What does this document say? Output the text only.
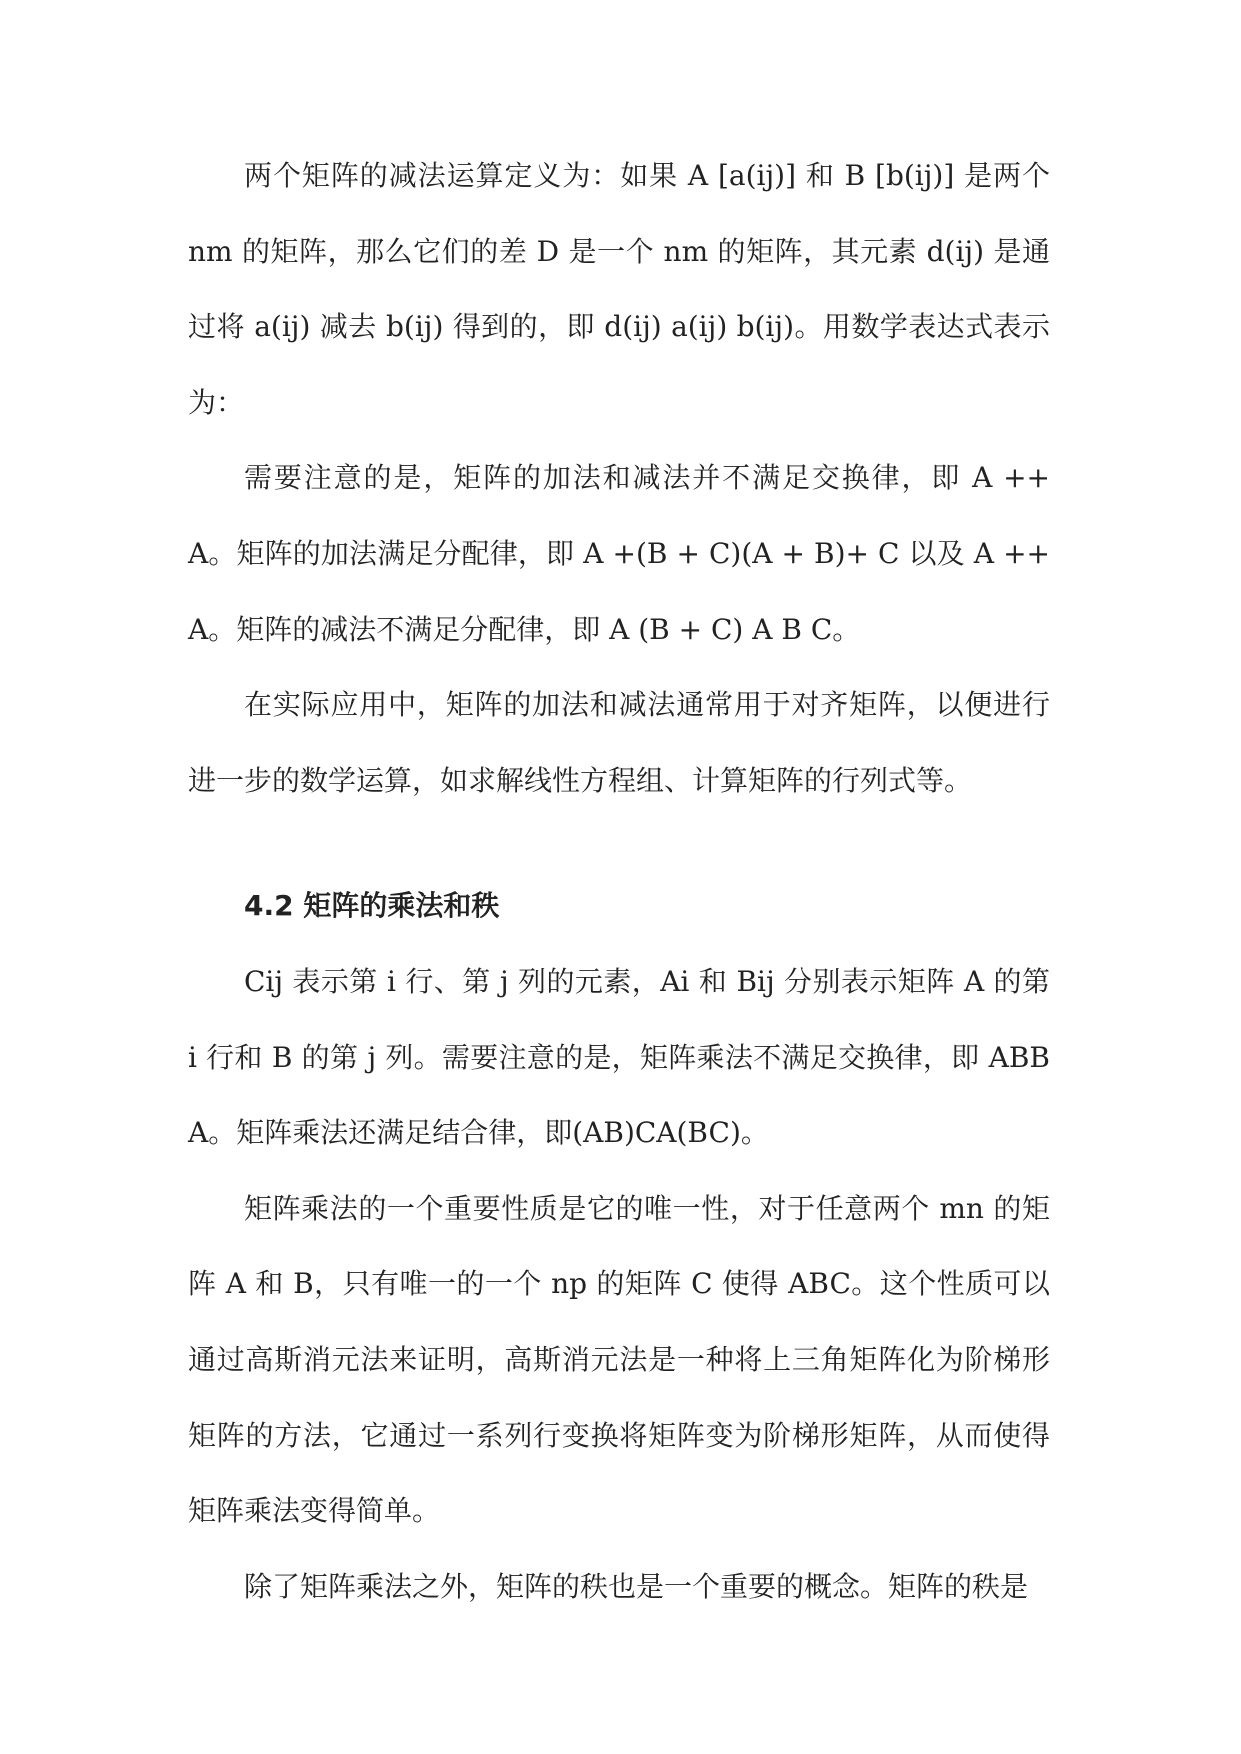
两个矩阵的减法运算定义为：如果 A [a(ij)] 和 B [b(ij)] 是两个 nm 的矩阵，那么它们的差 D 是一个 nm 的矩阵，其元素 d(ij) 是通过将 a(ij) 减去 b(ij) 得到的，即 d(ij) a(ij) b(ij)。用数学表达式表示为：

需要注意的是，矩阵的加法和减法并不满足交换律，即 A ++ A。矩阵的加法满足分配律，即 A +(B + C)(A + B)+ C 以及 A ++ A。矩阵的减法不满足分配律，即 A (B + C) A B C。

在实际应用中，矩阵的加法和减法通常用于对齐矩阵，以便进行进一步的数学运算，如求解线性方程组、计算矩阵的行列式等。

4.2 矩阵的乘法和秩

Cij 表示第 i 行、第 j 列的元素，Ai 和 Bij 分别表示矩阵 A 的第 i 行和 B 的第 j 列。需要注意的是，矩阵乘法不满足交换律，即 ABBA。矩阵乘法还满足结合律，即(AB)CA(BC)。

矩阵乘法的一个重要性质是它的唯一性，对于任意两个 mn 的矩阵 A 和 B，只有唯一的一个 np 的矩阵 C 使得 ABC。这个性质可以通过高斯消元法来证明，高斯消元法是一种将上三角矩阵化为阶梯形矩阵的方法，它通过一系列行变换将矩阵变为阶梯形矩阵，从而使得矩阵乘法变得简单。

除了矩阵乘法之外，矩阵的秩也是一个重要的概念。矩阵的秩是
